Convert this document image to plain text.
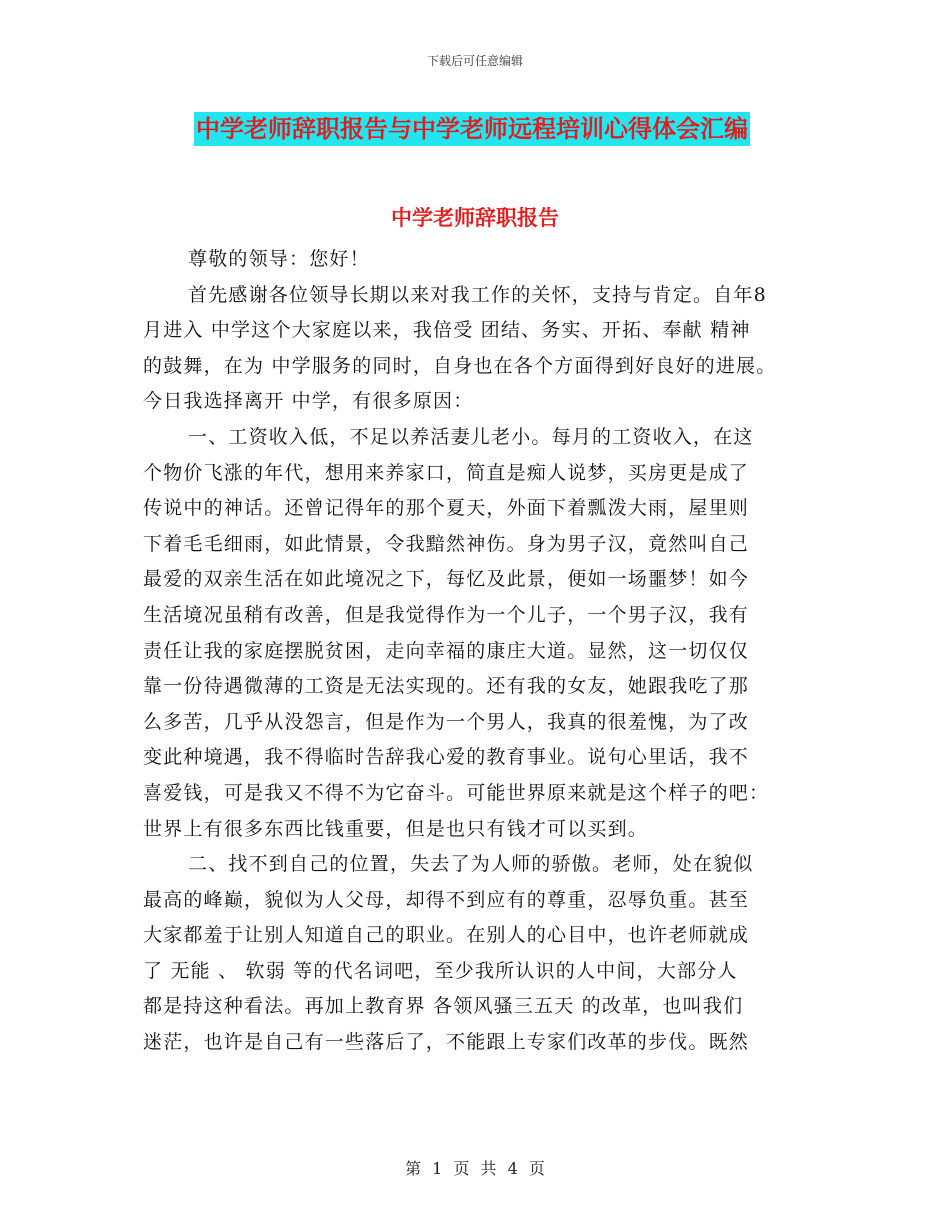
下载后可任意编辑
中学老师辞职报告与中学老师远程培训心得体会汇编
中学老师辞职报告
尊敬的领导：您好！
首先感谢各位领导长期以来对我工作的关怀，支持与肯定。自年8
月进入 中学这个大家庭以来，我倍受 团结、务实、开拓、奉献 精神
的鼓舞，在为 中学服务的同时，自身也在各个方面得到好良好的进展。
今日我选择离开 中学，有很多原因：
一、工资收入低，不足以养活妻儿老小。每月的工资收入，在这
个物价飞涨的年代，想用来养家口，简直是痴人说梦，买房更是成了
传说中的神话。还曾记得年的那个夏天，外面下着瓢泼大雨，屋里则
下着毛毛细雨，如此情景，令我黯然神伤。身为男子汉，竟然叫自己
最爱的双亲生活在如此境况之下，每忆及此景，便如一场噩梦！如今
生活境况虽稍有改善，但是我觉得作为一个儿子，一个男子汉，我有
责任让我的家庭摆脱贫困，走向幸福的康庄大道。显然，这一切仅仅
靠一份待遇微薄的工资是无法实现的。还有我的女友，她跟我吃了那
么多苦，几乎从没怨言，但是作为一个男人，我真的很羞愧，为了改
变此种境遇，我不得临时告辞我心爱的教育事业。说句心里话，我不
喜爱钱，可是我又不得不为它奋斗。可能世界原来就是这个样子的吧：
世界上有很多东西比钱重要，但是也只有钱才可以买到。
二、找不到自己的位置，失去了为人师的骄傲。老师，处在貌似
最高的峰巅，貌似为人父母，却得不到应有的尊重，忍辱负重。甚至
大家都羞于让别人知道自己的职业。在别人的心目中，也许老师就成
了 无能 、 软弱 等的代名词吧，至少我所认识的人中间，大部分人
都是持这种看法。再加上教育界 各领风骚三五天 的改革，也叫我们
迷茫，也许是自己有一些落后了，不能跟上专家们改革的步伐。既然
第 1 页 共 4 页
